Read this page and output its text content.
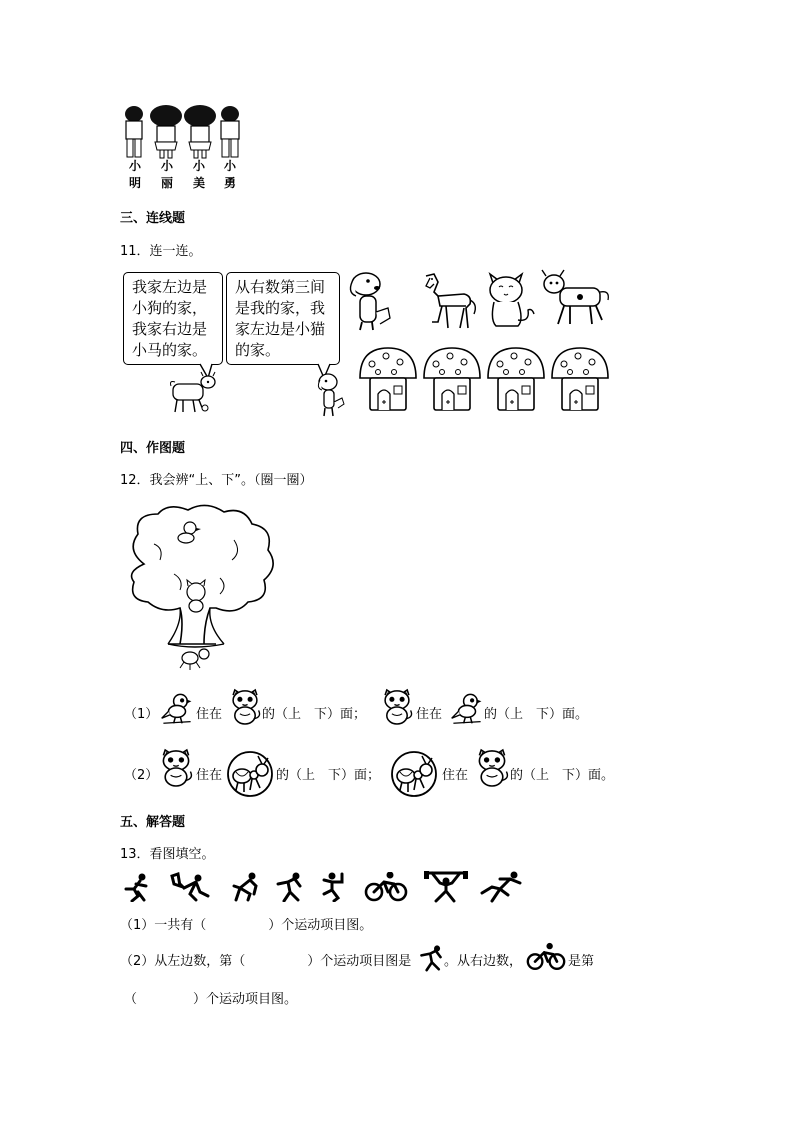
小明
小丽
小美
小勇
三、连线题
11．连一连。
我家左边是
小狗的家，
我家右边是
小马的家。
从右数第三间
是我的家，我
家左边是小猫
的家。
四、作图题
12．我会辨“上、下”。（圈一圈）
（1）	住在	的（上　下）面；	住在	的（上　下）面。
（2）	住在	的（上　下）面；	住在	的（上　下）面。
五、解答题
13．看图填空。
（1）一共有（	）个运动项目图。
（2）从左边数，第（	）个运动项目图是	。从右边数，	是第
（	）个运动项目图。
